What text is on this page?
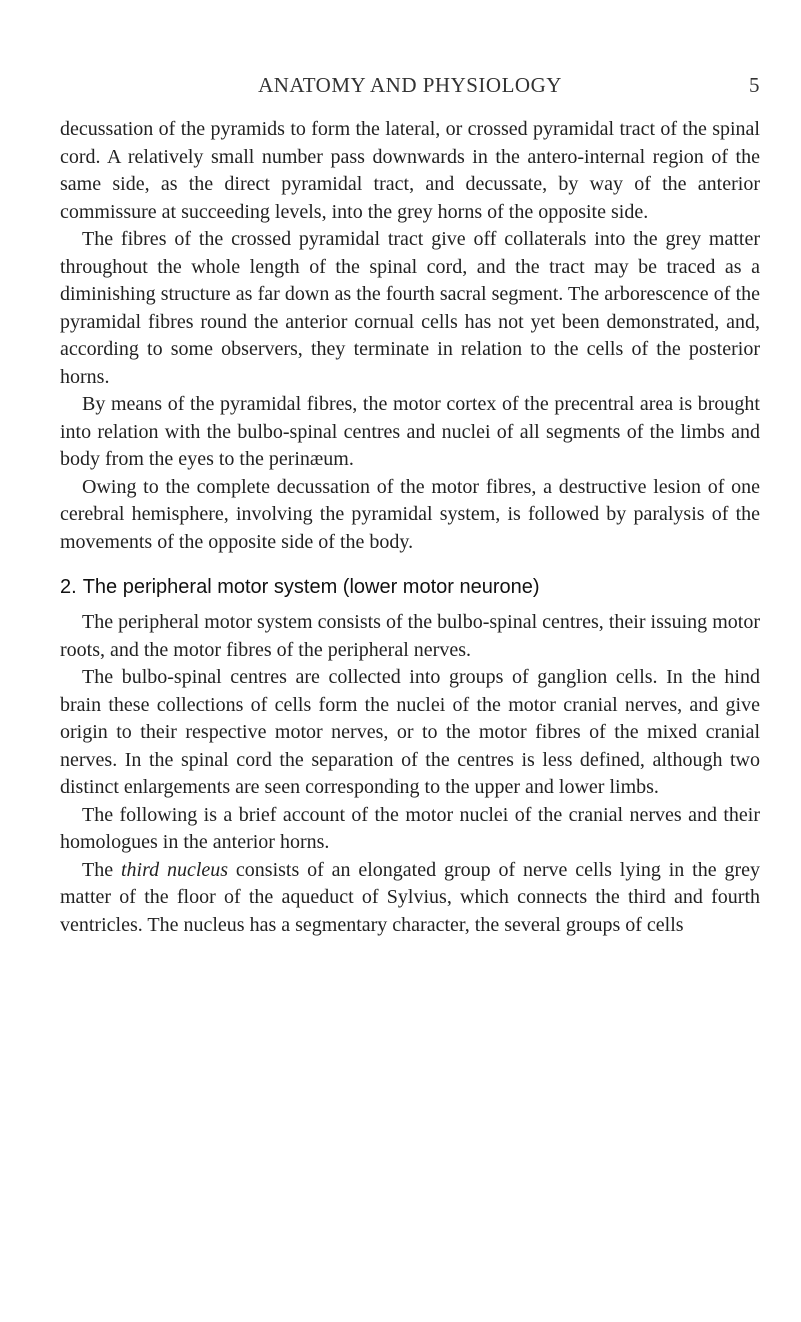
ANATOMY AND PHYSIOLOGY	5

decussation of the pyramids to form the lateral, or crossed pyramidal tract of the spinal cord. A relatively small number pass downwards in the antero-internal region of the same side, as the direct pyramidal tract, and decussate, by way of the anterior commissure at succeeding levels, into the grey horns of the opposite side.

The fibres of the crossed pyramidal tract give off collaterals into the grey matter throughout the whole length of the spinal cord, and the tract may be traced as a diminishing structure as far down as the fourth sacral segment. The arborescence of the pyramidal fibres round the anterior cornual cells has not yet been demonstrated, and, according to some observers, they terminate in relation to the cells of the posterior horns.

By means of the pyramidal fibres, the motor cortex of the precentral area is brought into relation with the bulbo-spinal centres and nuclei of all segments of the limbs and body from the eyes to the perinæum.

Owing to the complete decussation of the motor fibres, a destructive lesion of one cerebral hemisphere, involving the pyramidal system, is followed by paralysis of the movements of the opposite side of the body.

2. The peripheral motor system (lower motor neurone)

The peripheral motor system consists of the bulbo-spinal centres, their issuing motor roots, and the motor fibres of the peripheral nerves.

The bulbo-spinal centres are collected into groups of ganglion cells. In the hind brain these collections of cells form the nuclei of the motor cranial nerves, and give origin to their respective motor nerves, or to the motor fibres of the mixed cranial nerves. In the spinal cord the separation of the centres is less defined, although two distinct enlargements are seen corresponding to the upper and lower limbs.

The following is a brief account of the motor nuclei of the cranial nerves and their homologues in the anterior horns.

The third nucleus consists of an elongated group of nerve cells lying in the grey matter of the floor of the aqueduct of Sylvius, which connects the third and fourth ventricles. The nucleus has a segmentary character, the several groups of cells
